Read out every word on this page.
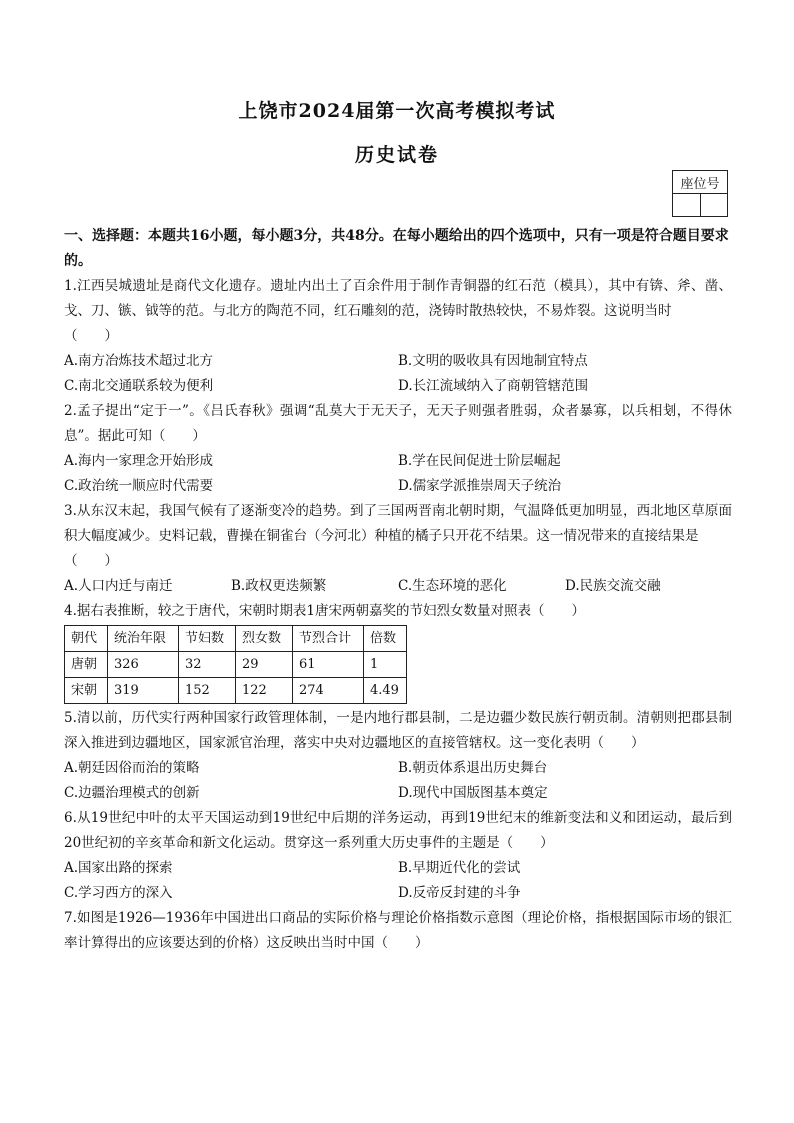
上饶市2024届第一次高考模拟考试
历史试卷
座位号

一、选择题：本题共16小题，每小题3分，共48分。在每小题给出的四个选项中，只有一项是符合题目要求的。

1.江西吴城遗址是商代文化遗存。遗址内出土了百余件用于制作青铜器的红石范（模具），其中有锛、斧、凿、戈、刀、镞、钺等的范。与北方的陶范不同，红石雕刻的范，浇铸时散热较快，不易炸裂。这说明当时

（　　）

A.南方冶炼技术超过北方	B.文明的吸收具有因地制宜特点
C.南北交通联系较为便利	D.长江流域纳入了商朝管辖范围

2.孟子提出“定于一”。《吕氏春秋》强调“乱莫大于无天子，无天子则强者胜弱，众者暴寡，以兵相刬，不得休息”。据此可知（　　）

A.海内一家理念开始形成	B.学在民间促进士阶层崛起
C.政治统一顺应时代需要	D.儒家学派推崇周天子统治

3.从东汉末起，我国气候有了逐渐变冷的趋势。到了三国两晋南北朝时期，气温降低更加明显，西北地区草原面积大幅度减少。史料记载，曹操在铜雀台（今河北）种植的橘子只开花不结果。这一情况带来的直接结果是

（　　）

A.人口内迁与南迁	B.政权更迭频繁	C.生态环境的恶化	D.民族交流交融

4.据右表推断，较之于唐代，宋朝时期表1唐宋两朝嘉奖的节妇烈女数量对照表（　　）

朝代	统治年限	节妇数	烈女数	节烈合计	倍数
唐朝	326	32	29	61	1
宋朝	319	152	122	274	4.49

5.清以前，历代实行两种国家行政管理体制，一是内地行郡县制，二是边疆少数民族行朝贡制。清朝则把郡县制深入推进到边疆地区，国家派官治理，落实中央对边疆地区的直接管辖权。这一变化表明（　　）

A.朝廷因俗而治的策略	B.朝贡体系退出历史舞台
C.边疆治理模式的创新	D.现代中国版图基本奠定

6.从19世纪中叶的太平天国运动到19世纪中后期的洋务运动，再到19世纪末的维新变法和义和团运动，最后到20世纪初的辛亥革命和新文化运动。贯穿这一系列重大历史事件的主题是（　　）

A.国家出路的探索	B.早期近代化的尝试
C.学习西方的深入	D.反帝反封建的斗争

7.如图是1926—1936年中国进出口商品的实际价格与理论价格指数示意图（理论价格，指根据国际市场的银汇率计算得出的应该要达到的价格）这反映出当时中国（　　）
